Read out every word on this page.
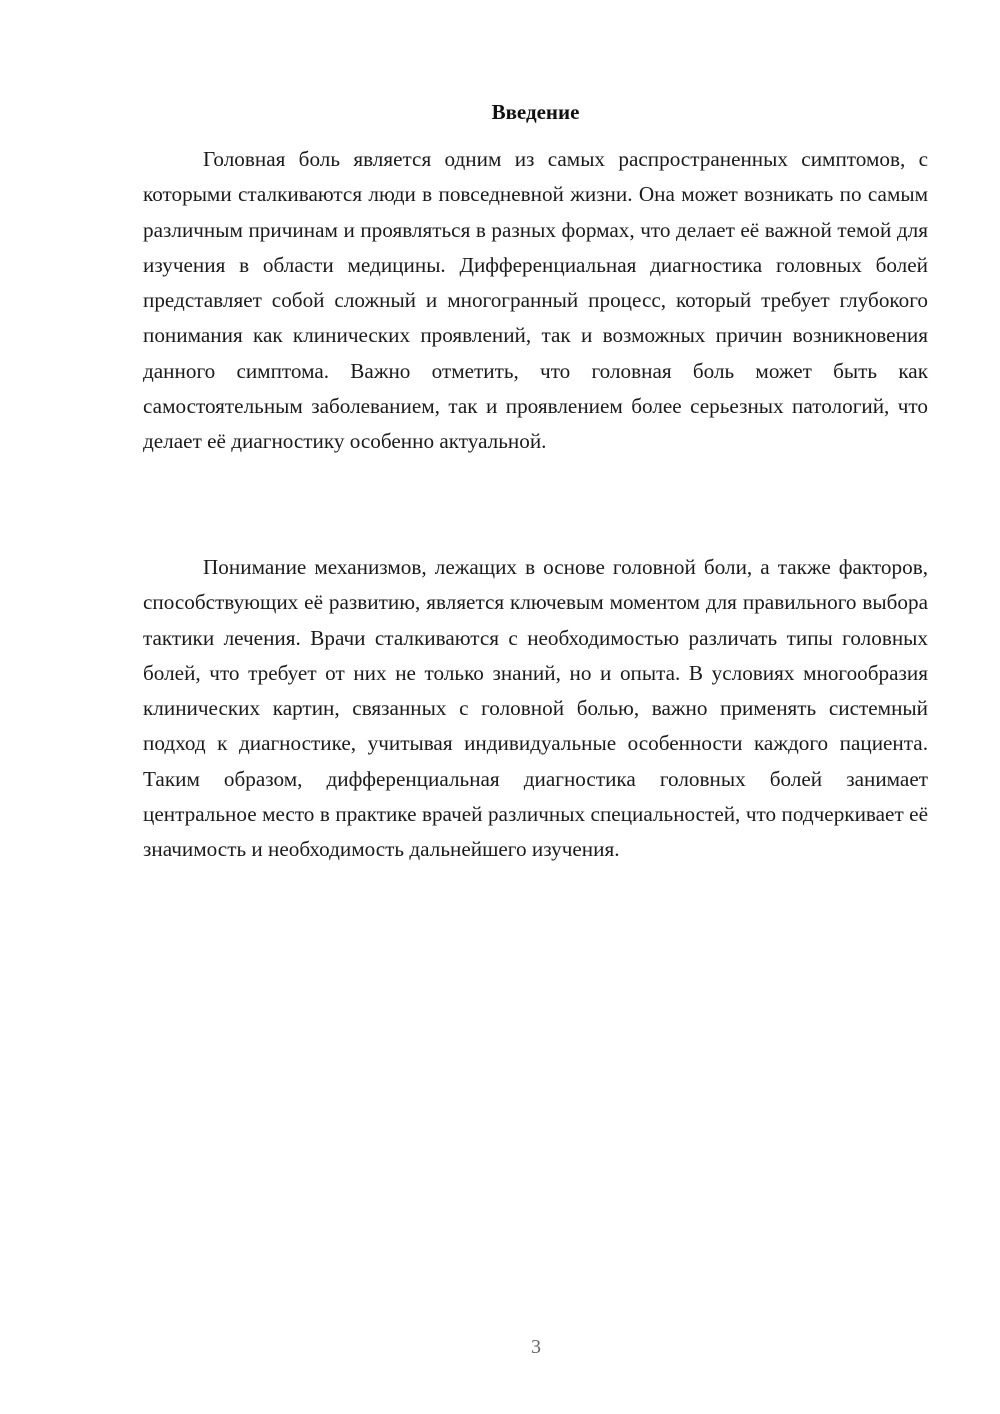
Введение

Головная боль является одним из самых распространенных симптомов, с которыми сталкиваются люди в повседневной жизни. Она может возникать по самым различным причинам и проявляться в разных формах, что делает её важной темой для изучения в области медицины. Дифференциальная диагностика головных болей представляет собой сложный и многогранный процесс, который требует глубокого понимания как клинических проявлений, так и возможных причин возникновения данного симптома. Важно отметить, что головная боль может быть как самостоятельным заболеванием, так и проявлением более серьезных патологий, что делает её диагностику особенно актуальной.

Понимание механизмов, лежащих в основе головной боли, а также факторов, способствующих её развитию, является ключевым моментом для правильного выбора тактики лечения. Врачи сталкиваются с необходимостью различать типы головных болей, что требует от них не только знаний, но и опыта. В условиях многообразия клинических картин, связанных с головной болью, важно применять системный подход к диагностике, учитывая индивидуальные особенности каждого пациента. Таким образом, дифференциальная диагностика головных болей занимает центральное место в практике врачей различных специальностей, что подчеркивает её значимость и необходимость дальнейшего изучения.

3
